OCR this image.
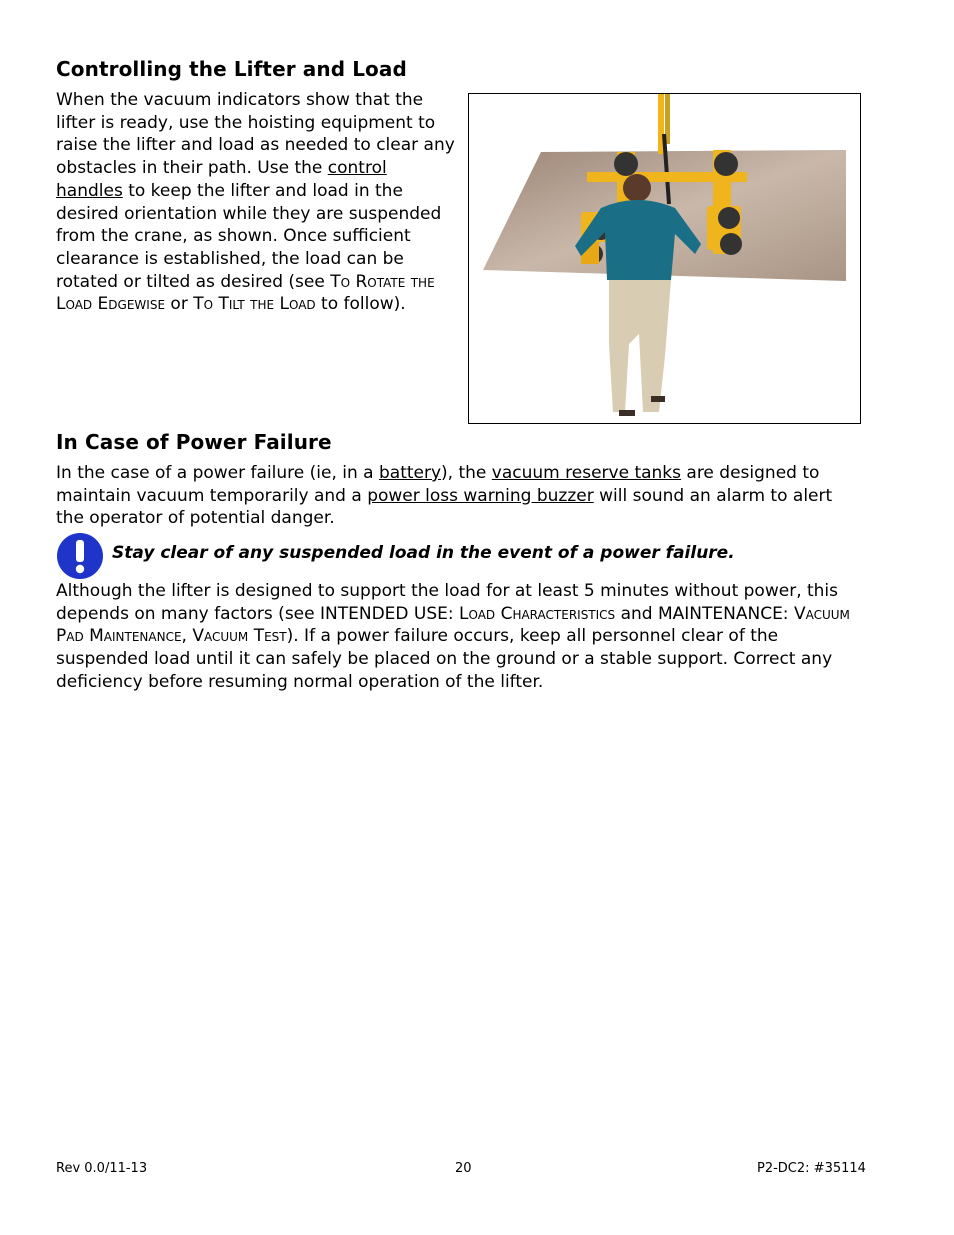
Controlling the Lifter and Load
When the vacuum indicators show that the lifter is ready, use the hoisting equipment to raise the lifter and load as needed to clear any obstacles in their path. Use the control handles to keep the lifter and load in the desired orientation while they are suspended from the crane, as shown. Once sufficient clearance is established, the load can be rotated or tilted as desired (see To Rotate the Load Edgewise or To Tilt the Load to follow).
In Case of Power Failure
In the case of a power failure (ie, in a battery), the vacuum reserve tanks are designed to maintain vacuum temporarily and a power loss warning buzzer will sound an alarm to alert the operator of potential danger.
Stay clear of any suspended load in the event of a power failure.
Although the lifter is designed to support the load for at least 5 minutes without power, this depends on many factors (see INTENDED USE: Load Characteristics and MAINTENANCE: Vacuum Pad Maintenance, Vacuum Test). If a power failure occurs, keep all personnel clear of the suspended load until it can safely be placed on the ground or a stable support. Correct any deficiency before resuming normal operation of the lifter.
Rev 0.0/11-13	20	P2-DC2: #35114
